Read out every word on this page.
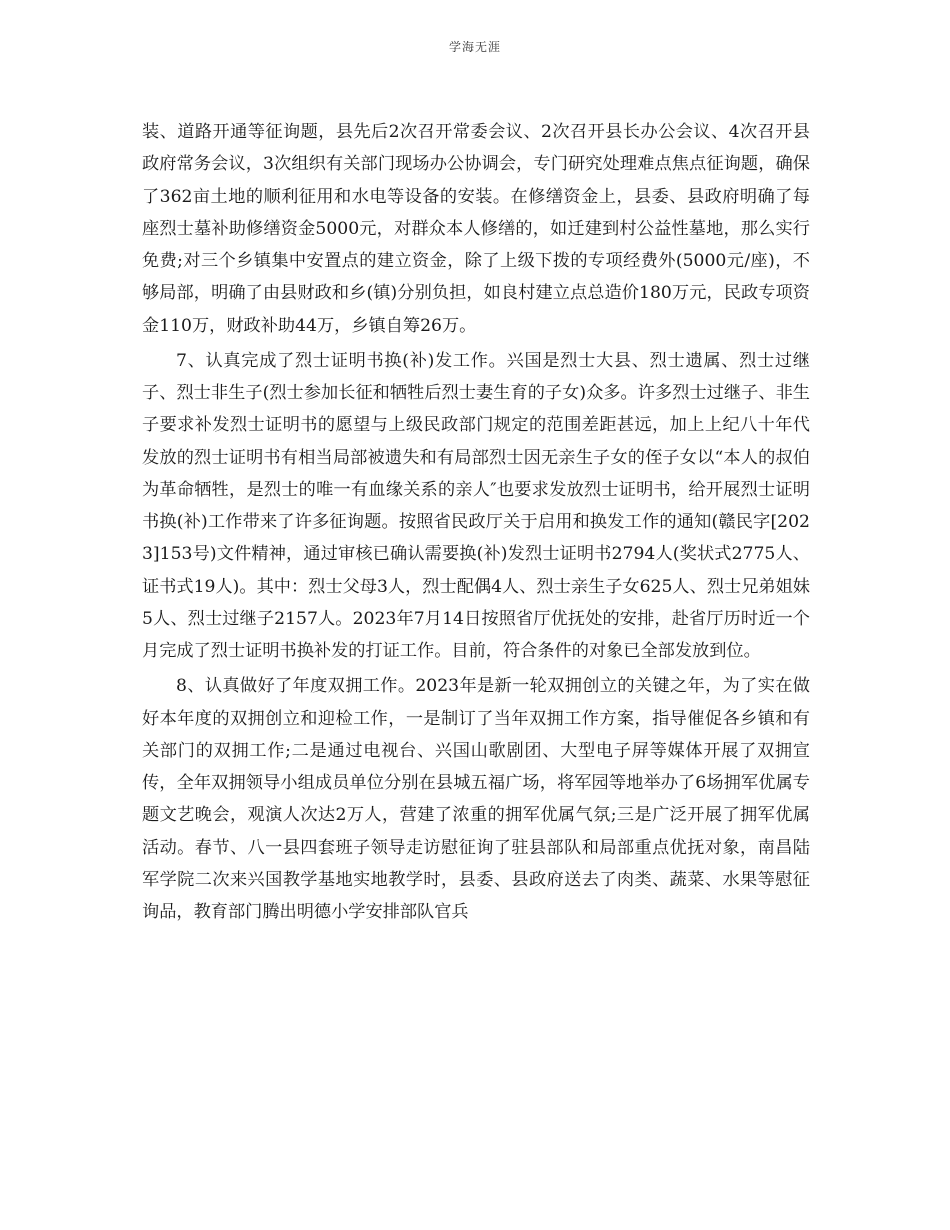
学海无涯

装、道路开通等征询题，县先后2次召开常委会议、2次召开县长办公会议、4次召开县政府常务会议，3次组织有关部门现场办公协调会，专门研究处理难点焦点征询题，确保了362亩土地的顺利征用和水电等设备的安装。在修缮资金上，县委、县政府明确了每座烈士墓补助修缮资金5000元，对群众本人修缮的，如迁建到村公益性墓地，那么实行免费;对三个乡镇集中安置点的建立资金，除了上级下拨的专项经费外(5000元/座)，不够局部，明确了由县财政和乡(镇)分别负担，如良村建立点总造价180万元，民政专项资金110万，财政补助44万，乡镇自筹26万。

7、认真完成了烈士证明书换(补)发工作。兴国是烈士大县、烈士遗属、烈士过继子、烈士非生子(烈士参加长征和牺牲后烈士妻生育的子女)众多。许多烈士过继子、非生子要求补发烈士证明书的愿望与上级民政部门规定的范围差距甚远，加上上纪八十年代发放的烈士证明书有相当局部被遗失和有局部烈士因无亲生子女的侄子女以“本人的叔伯为革命牺牲，是烈士的唯一有血缘关系的亲人″也要求发放烈士证明书，给开展烈士证明书换(补)工作带来了许多征询题。按照省民政厅关于启用和换发工作的通知(赣民字[2023]153号)文件精神，通过审核已确认需要换(补)发烈士证明书2794人(奖状式2775人、证书式19人)。其中：烈士父母3人，烈士配偶4人、烈士亲生子女625人、烈士兄弟姐妹5人、烈士过继子2157人。2023年7月14日按照省厅优抚处的安排，赴省厅历时近一个月完成了烈士证明书换补发的打证工作。目前，符合条件的对象已全部发放到位。

8、认真做好了年度双拥工作。2023年是新一轮双拥创立的关键之年，为了实在做好本年度的双拥创立和迎检工作，一是制订了当年双拥工作方案，指导催促各乡镇和有关部门的双拥工作;二是通过电视台、兴国山歌剧团、大型电子屏等媒体开展了双拥宣传，全年双拥领导小组成员单位分别在县城五福广场，将军园等地举办了6场拥军优属专题文艺晚会，观演人次达2万人，营建了浓重的拥军优属气氛;三是广泛开展了拥军优属活动。春节、八一县四套班子领导走访慰征询了驻县部队和局部重点优抚对象，南昌陆军学院二次来兴国教学基地实地教学时，县委、县政府送去了肉类、蔬菜、水果等慰征询品，教育部门腾出明德小学安排部队官兵
